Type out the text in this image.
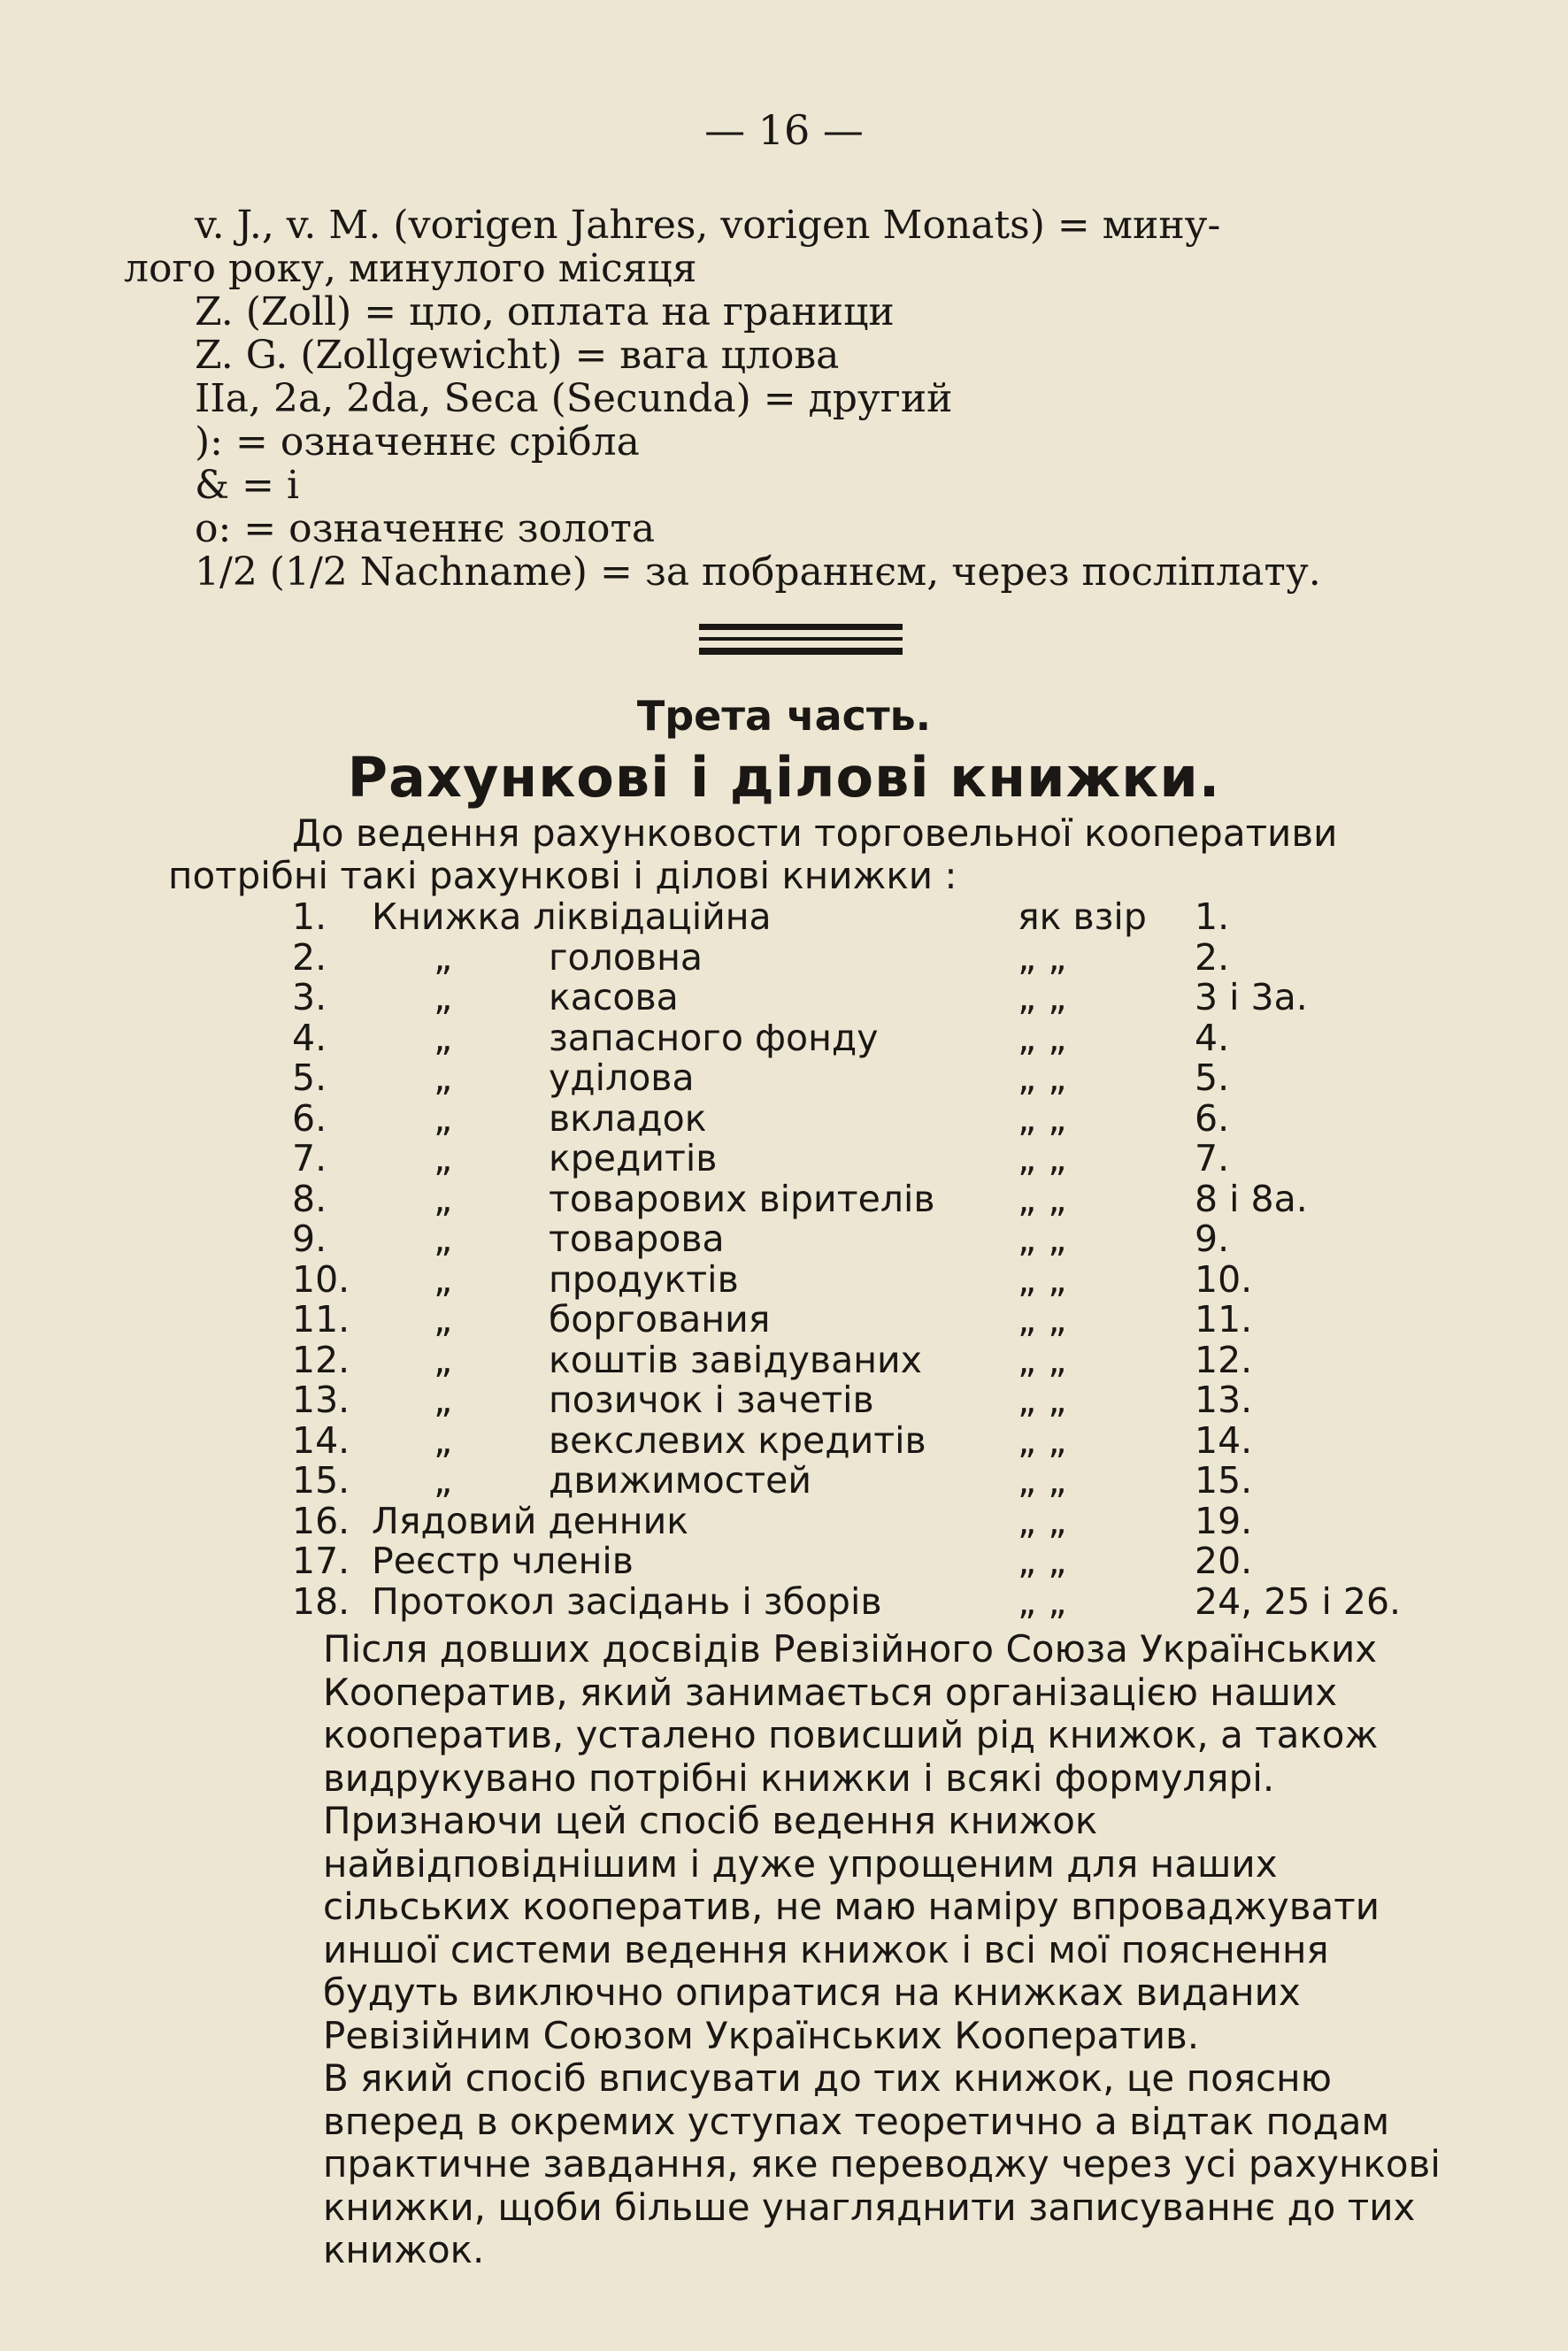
— 16 —
v. J., v. M. (vorigen Jahres, vorigen Monats) = мину-
лого року, минулого місяця
Z. (Zoll) = цло, оплата на граници
Z. G. (Zollgewicht) = вага цлова
IIa, 2a, 2da, Seca (Secunda) = другий
): = означеннє срібла
& = і
o: = означеннє золота
1/2 (1/2 Nachname) = за побраннєм, через посліплату.
Трета часть.
Рахункові і ділові книжки.
До ведення рахунковости торговельної кооперативи
потрібні такі рахункові і ділові книжки :
1. Книжка ліквідаційна	як взір 1.
2.	„	головна	„ „	2.
3.	„	касова	„ „	3 і 3а.
4.	„	запасного фонду	„ „	4.
5.	„	уділова	„ „	5.
6.	„	вкладок	„ „	6.
7.	„	кредитів	„ „	7.
8.	„	товарових вірителів „ „	8 і 8а.
9.	„	товарова	„ „	9.
10. „	продуктів	„ „	10.
11. „	боргования	„ „	11.
12. „	коштів завідуваних	„ „	12.
13. „	позичок і зачетів	„ „	13.
14. „	векслевих кредитів	„ „	14.
15. „	движимостей	„ „	15.
16. Лядовий денник	„ „	19.
17. Реєстр членів	„ „	20.
18. Протокол засідань і зборів	„ „	24, 25 і 26.

Після довших досвідів Ревізійного Союза Українських Кооператив, який занимається організацією наших кооператив, усталено повисший рід книжок, а також видрукувано потрібні книжки і всякі формулярі. Признаючи цей спосіб ведення книжок найвідповіднішим і дуже упрощеним для наших сільських кооператив, не маю наміру впроваджувати иншої системи ведення книжок і всі мої пояснення будуть виключно опиратися на книжках виданих Ревізійним Союзом Українських Кооператив.

В який спосіб вписувати до тих книжок, це поясню вперед в окремих уступах теоретично а відтак подам практичне завдання, яке переводжу через усі рахункові книжки, щоби більше унагляднити записуваннє до тих книжок.
